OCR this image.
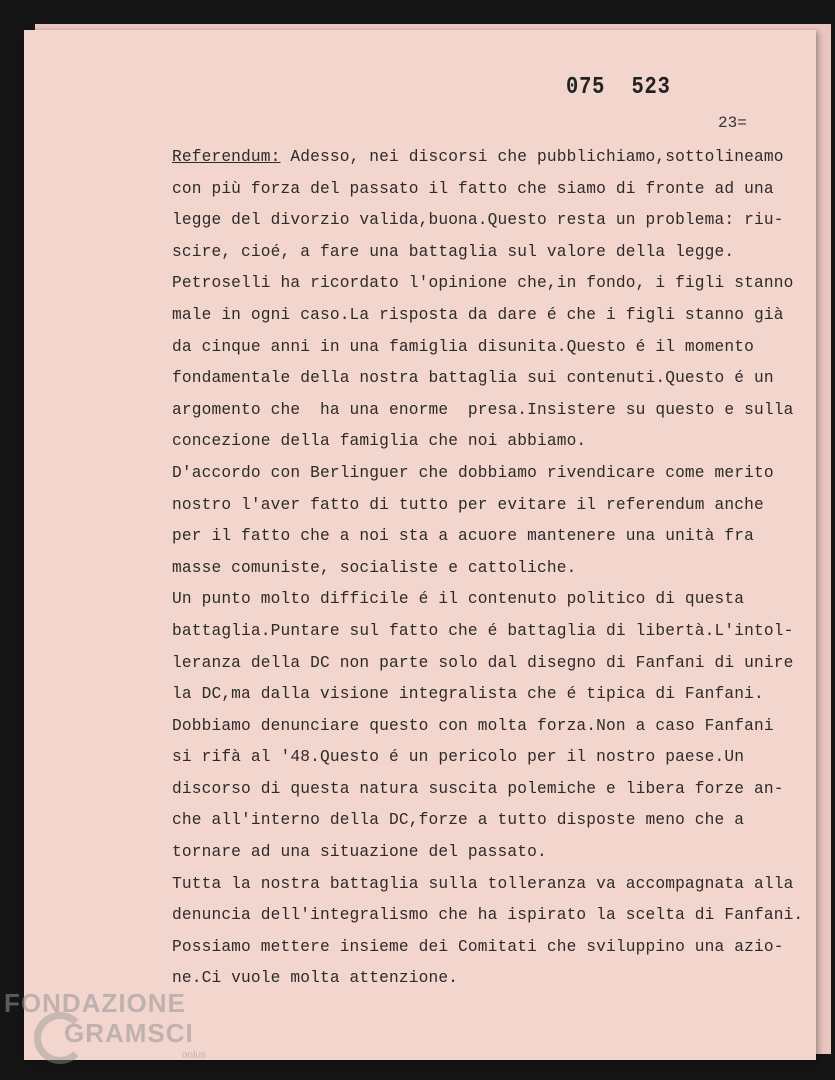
075  523
23=
Referendum: Adesso, nei discorsi che pubblichiamo,sottolineamo
con più forza del passato il fatto che siamo di fronte ad una
legge del divorzio valida,buona.Questo resta un problema: riu-
scire, cioé, a fare una battaglia sul valore della legge.
Petroselli ha ricordato l'opinione che,in fondo, i figli stanno
male in ogni caso.La risposta da dare é che i figli stanno già
da cinque anni in una famiglia disunita.Questo é il momento
fondamentale della nostra battaglia sui contenuti.Questo é un
argomento che  ha una enorme  presa.Insistere su questo e sulla
concezione della famiglia che noi abbiamo.
D'accordo con Berlinguer che dobbiamo rivendicare come merito
nostro l'aver fatto di tutto per evitare il referendum anche
per il fatto che a noi sta a acuore mantenere una unità fra
masse comuniste, socialiste e cattoliche.
Un punto molto difficile é il contenuto politico di questa
battaglia.Puntare sul fatto che é battaglia di libertà.L'intol-
leranza della DC non parte solo dal disegno di Fanfani di unire
la DC,ma dalla visione integralista che é tipica di Fanfani.
Dobbiamo denunciare questo con molta forza.Non a caso Fanfani
si rifà al '48.Questo é un pericolo per il nostro paese.Un
discorso di questa natura suscita polemiche e libera forze an-
che all'interno della DC,forze a tutto disposte meno che a
tornare ad una situazione del passato.
Tutta la nostra battaglia sulla tolleranza va accompagnata alla
denuncia dell'integralismo che ha ispirato la scelta di Fanfani.
Possiamo mettere insieme dei Comitati che sviluppino una azio-
ne.Ci vuole molta attenzione.
FONDAZIONE
GRAMSCI
onlus
